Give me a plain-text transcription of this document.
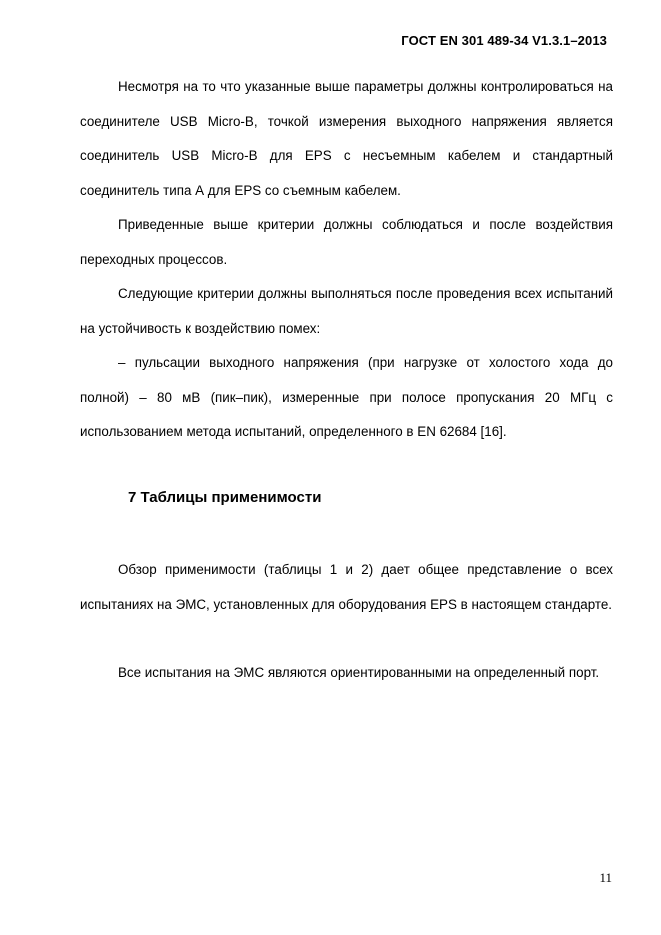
ГОСТ EN 301 489-34 V1.3.1–2013

Несмотря на то что указанные выше параметры должны контролироваться на соединителе USB Micro-B, точкой измерения выходного напряжения является соединитель USB Micro-B для EPS с несъемным кабелем и стандартный соединитель типа А для EPS со съемным кабелем.

Приведенные выше критерии должны соблюдаться и после воздействия переходных процессов.

Следующие критерии должны выполняться после проведения всех испытаний на устойчивость к воздействию помех:

– пульсации выходного напряжения (при нагрузке от холостого хода до полной) – 80 мВ (пик–пик), измеренные при полосе пропускания 20 МГц с использованием метода испытаний, определенного в EN 62684 [16].

7 Таблицы применимости

Обзор применимости (таблицы 1 и 2) дает общее представление о всех испытаниях на ЭМС, установленных для оборудования EPS в настоящем стандарте.

Все испытания на ЭМС являются ориентированными на определенный порт.

11
